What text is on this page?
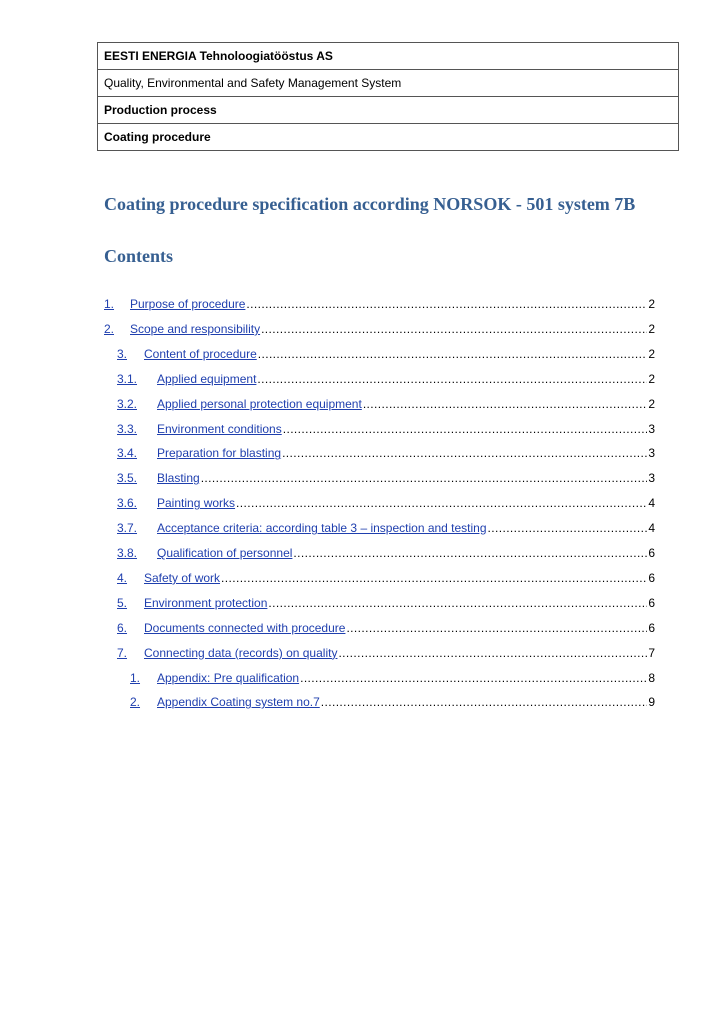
EESTI ENERGIA Tehnoloogiatööstus AS
Quality, Environmental and Safety Management System
Production process
Coating procedure
Coating procedure specification according NORSOK - 501 system 7B
Contents
1.	Purpose of procedure .....	2
2.	Scope and responsibility .....	2
3.	Content of procedure .....	2
3.1.	Applied equipment .....	2
3.2.	Applied personal protection equipment .....	2
3.3.	Environment conditions .....	3
3.4.	Preparation for blasting .....	3
3.5.	Blasting .....	3
3.6.	Painting works .....	4
3.7.	Acceptance criteria: according table 3 – inspection and testing .....	4
3.8.	Qualification of personnel .....	6
4.	Safety of work .....	6
5.	Environment protection .....	6
6.	Documents connected with procedure .....	6
7.	Connecting data (records) on quality .....	7
1.	Appendix: Pre qualification .....	8
2.	Appendix Coating system no.7 .....	9
